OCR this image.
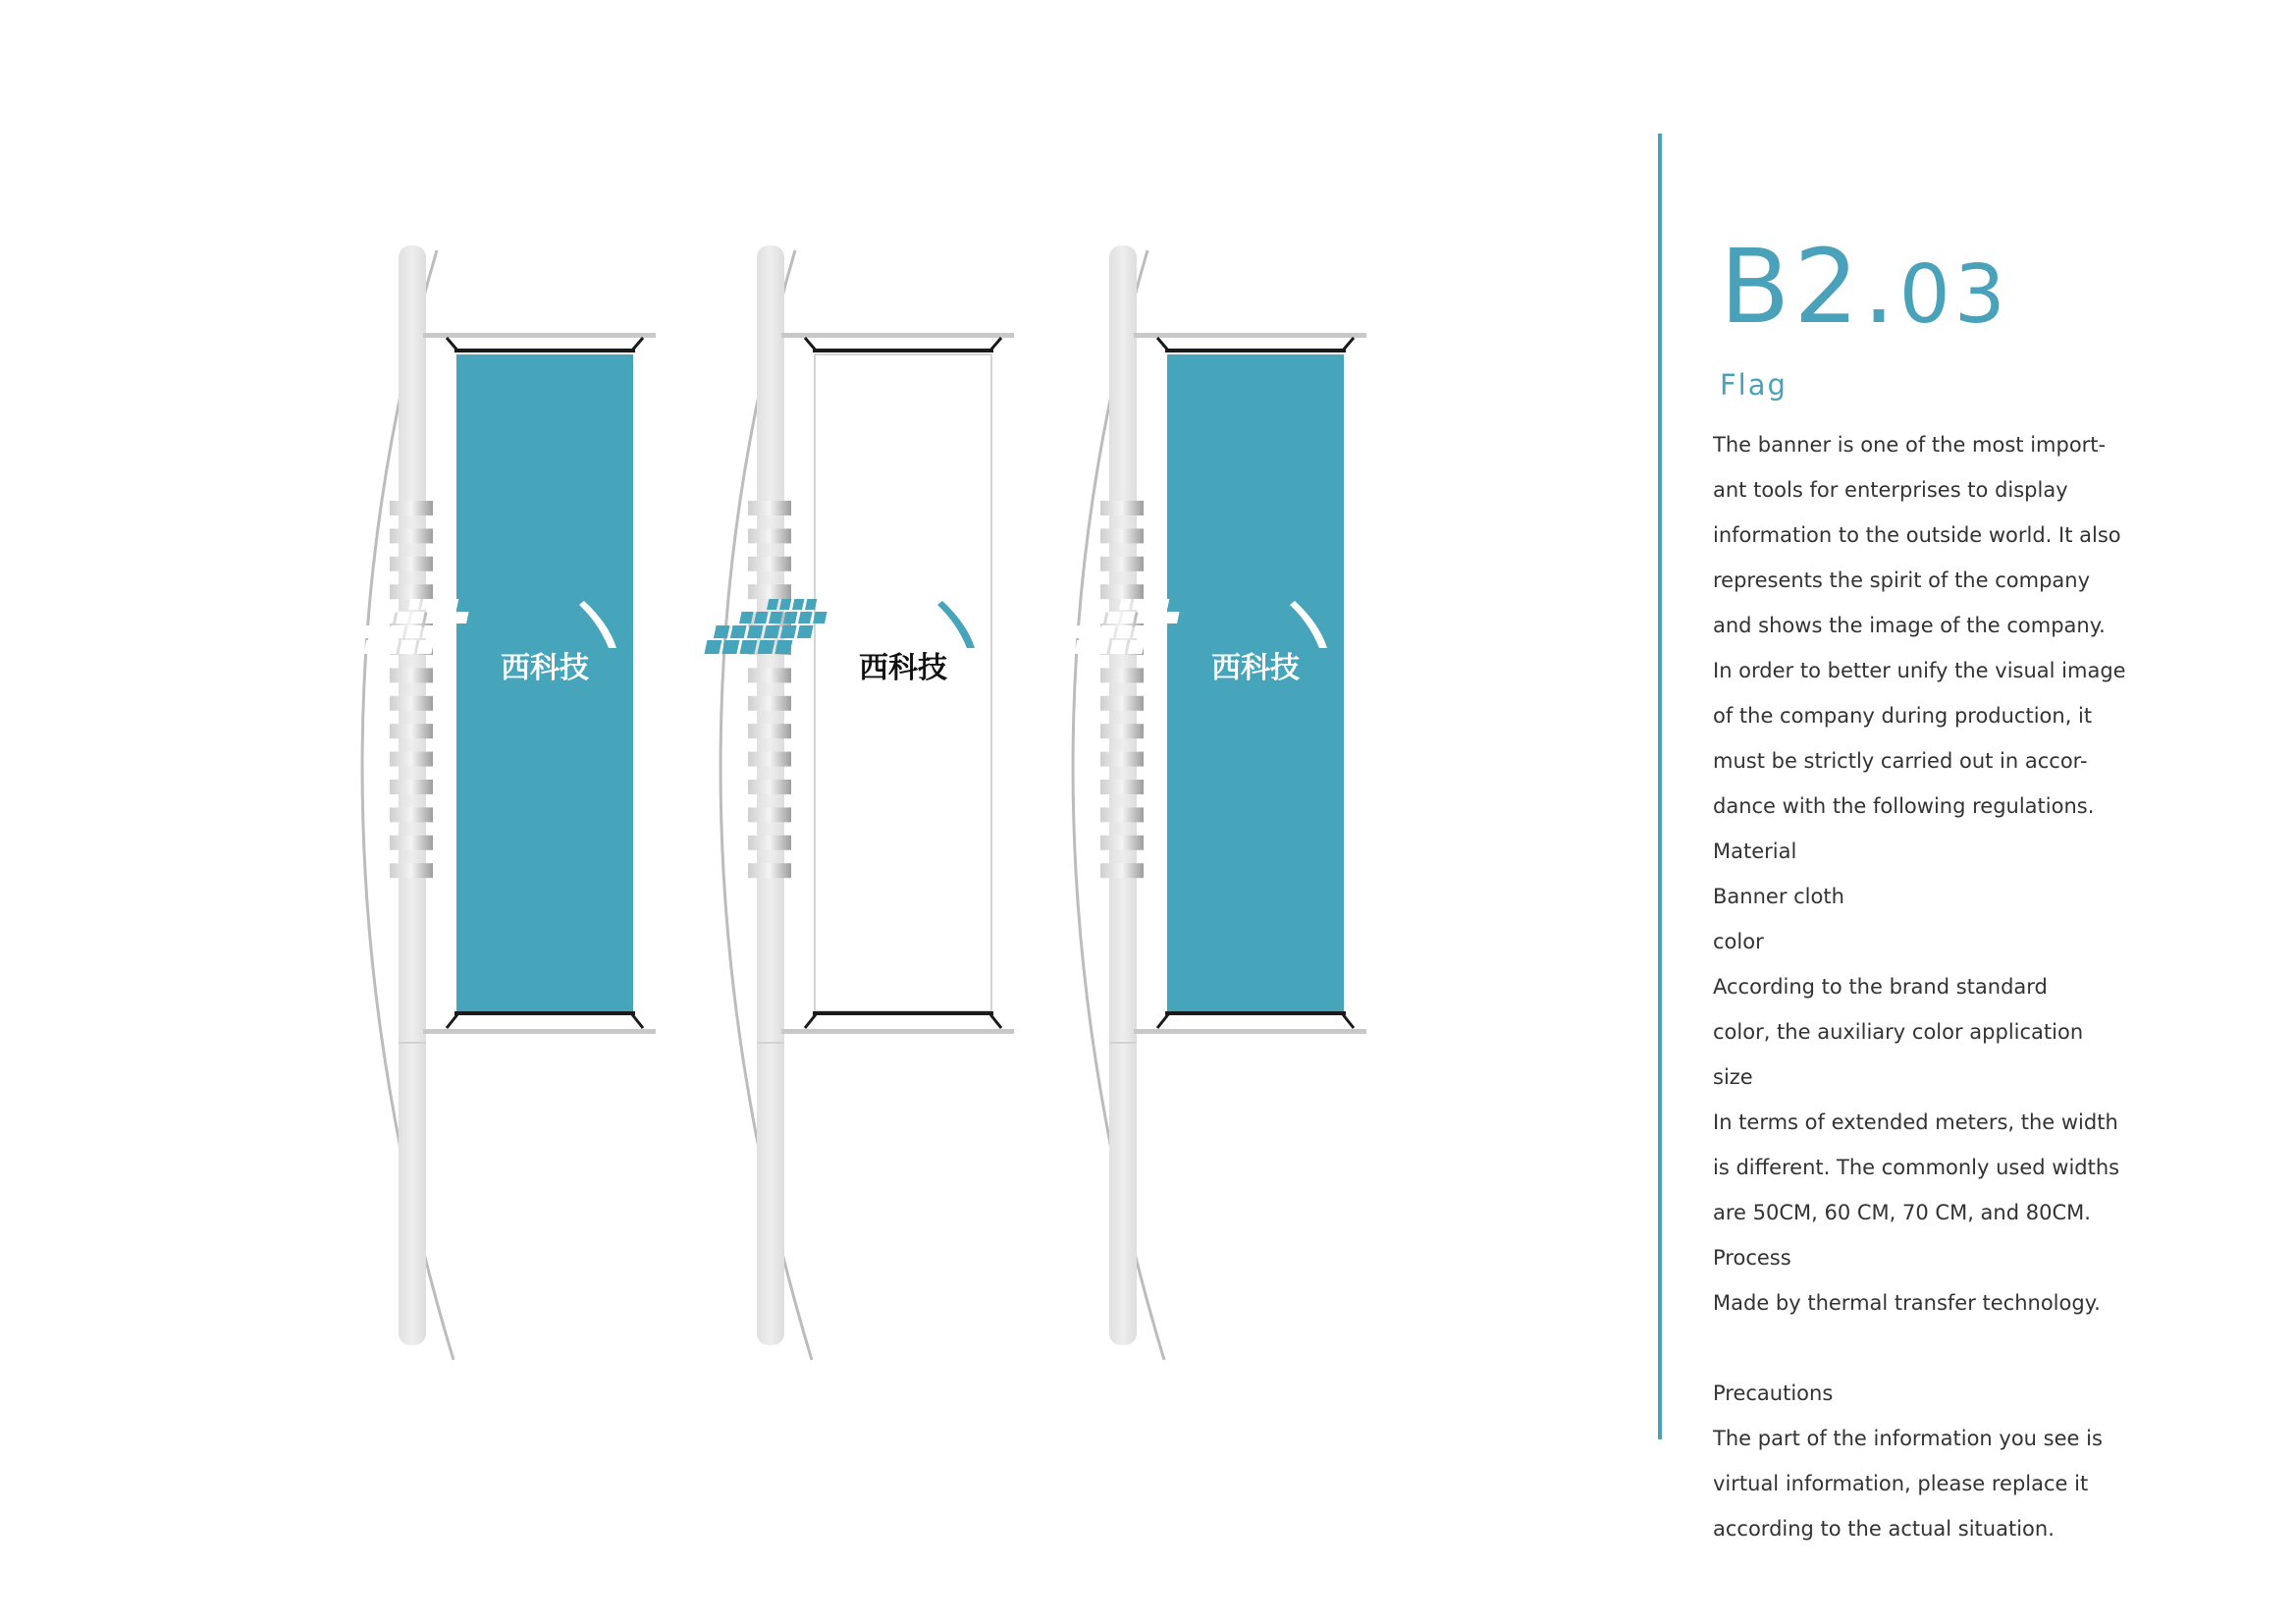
西科技	西科技	西科技
B2.03
Flag
The banner is one of the most import-
ant tools for enterprises to display
information to the outside world. It also
represents the spirit of the company
and shows the image of the company.
In order to better unify the visual image
of the company during production, it
must be strictly carried out in accor-
dance with the following regulations.
Material
Banner cloth
color
According to the brand standard
color, the auxiliary color application
size
In terms of extended meters, the width
is different. The commonly used widths
are 50CM, 60 CM, 70 CM, and 80CM.
Process
Made by thermal transfer technology.
Precautions
The part of the information you see is
virtual information, please replace it
according to the actual situation.
